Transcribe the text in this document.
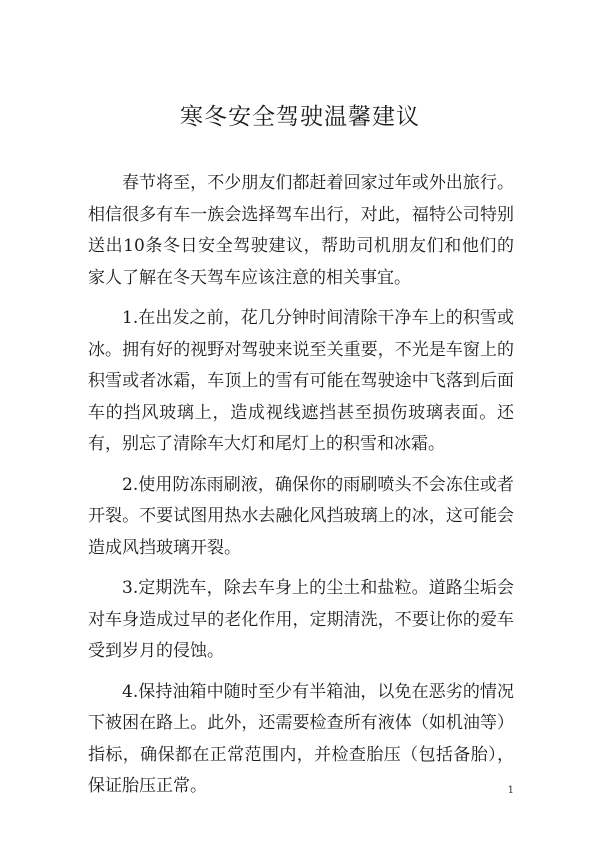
寒冬安全驾驶温馨建议

春节将至，不少朋友们都赶着回家过年或外出旅行。相信很多有车一族会选择驾车出行，对此，福特公司特别送出10条冬日安全驾驶建议，帮助司机朋友们和他们的家人了解在冬天驾车应该注意的相关事宜。

1.在出发之前，花几分钟时间清除干净车上的积雪或冰。拥有好的视野对驾驶来说至关重要，不光是车窗上的积雪或者冰霜，车顶上的雪有可能在驾驶途中飞落到后面车的挡风玻璃上，造成视线遮挡甚至损伤玻璃表面。还有，别忘了清除车大灯和尾灯上的积雪和冰霜。

2.使用防冻雨刷液，确保你的雨刷喷头不会冻住或者开裂。不要试图用热水去融化风挡玻璃上的冰，这可能会造成风挡玻璃开裂。

3.定期洗车，除去车身上的尘土和盐粒。道路尘垢会对车身造成过早的老化作用，定期清洗，不要让你的爱车受到岁月的侵蚀。

4.保持油箱中随时至少有半箱油，以免在恶劣的情况下被困在路上。此外，还需要检查所有液体（如机油等）指标，确保都在正常范围内，并检查胎压（包括备胎），保证胎压正常。	1
